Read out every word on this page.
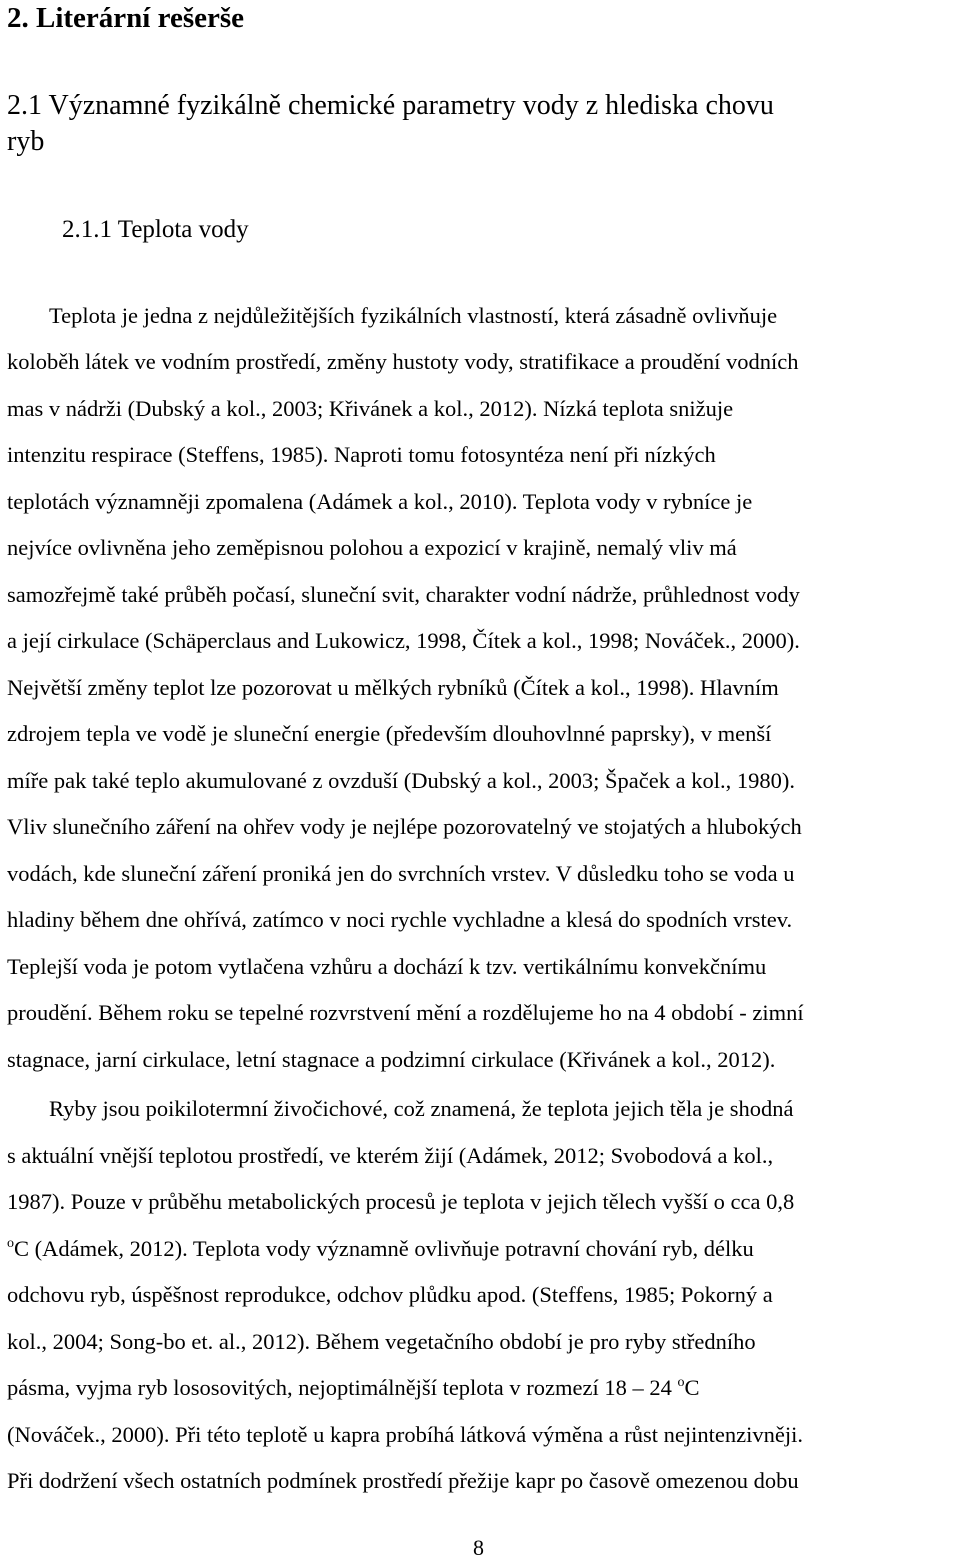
2. Literární rešerše
2.1 Významné fyzikálně chemické parametry vody z hlediska chovu
ryb
2.1.1 Teplota vody
Teplota je jedna z nejdůležitějších fyzikálních vlastností, která zásadně ovlivňuje
koloběh látek ve vodním prostředí, změny hustoty vody, stratifikace a proudění vodních
mas v nádrži (Dubský a kol., 2003; Křivánek a kol., 2012). Nízká teplota snižuje
intenzitu respirace (Steffens, 1985). Naproti tomu fotosyntéza není při nízkých
teplotách významněji zpomalena (Adámek a kol., 2010). Teplota vody v rybníce je
nejvíce ovlivněna jeho zeměpisnou polohou a expozicí v krajině, nemalý vliv má
samozřejmě také průběh počasí, sluneční svit, charakter vodní nádrže, průhlednost vody
a její cirkulace (Schäperclaus and Lukowicz, 1998, Čítek a kol., 1998; Nováček., 2000).
Největší změny teplot lze pozorovat u mělkých rybníků (Čítek a kol., 1998). Hlavním
zdrojem tepla ve vodě je sluneční energie (především dlouhovlnné paprsky), v menší
míře pak také teplo akumulované z ovzduší (Dubský a kol., 2003; Špaček a kol., 1980).
Vliv slunečního záření na ohřev vody je nejlépe pozorovatelný ve stojatých a hlubokých
vodách, kde sluneční záření proniká jen do svrchních vrstev. V důsledku toho se voda u
hladiny během dne ohřívá, zatímco v noci rychle vychladne a klesá do spodních vrstev.
Teplejší voda je potom vytlačena vzhůru a dochází k tzv. vertikálnímu konvekčnímu
proudění. Během roku se tepelné rozvrstvení mění a rozdělujeme ho na 4 období - zimní
stagnace, jarní cirkulace, letní stagnace a podzimní cirkulace (Křivánek a kol., 2012).
Ryby jsou poikilotermní živočichové, což znamená, že teplota jejich těla je shodná
s aktuální vnější teplotou prostředí, ve kterém žijí (Adámek, 2012; Svobodová a kol.,
1987). Pouze v průběhu metabolických procesů je teplota v jejich tělech vyšší o cca 0,8
$^o$C (Adámek, 2012). Teplota vody významně ovlivňuje potravní chování ryb, délku
odchovu ryb, úspěšnost reprodukce, odchov plůdku apod. (Steffens, 1985; Pokorný a
kol., 2004; Song-bo et. al., 2012). Během vegetačního období je pro ryby středního
pásma, vyjma ryb lososovitých, nejoptimálnější teplota v rozmezí 18 – 24 $^o$C
(Nováček., 2000). Při této teplotě u kapra probíhá látková výměna a růst nejintenzivněji.
Při dodržení všech ostatních podmínek prostředí přežije kapr po časově omezenou dobu
8
